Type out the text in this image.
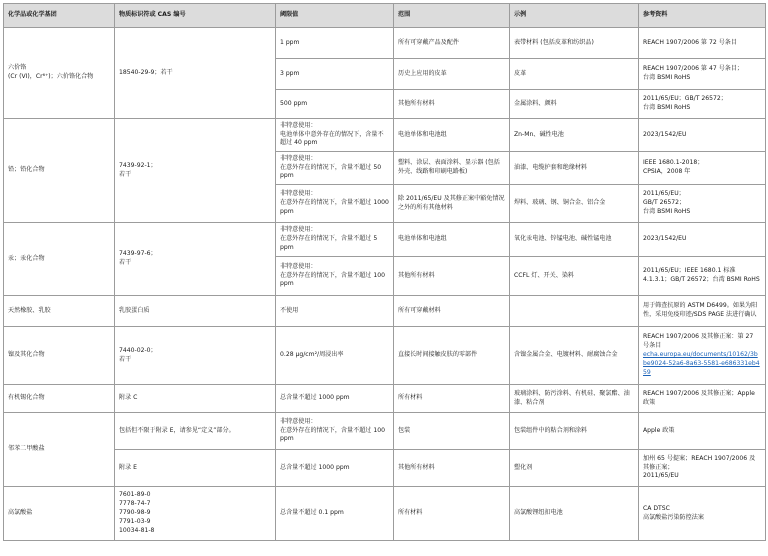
化学品或化学基团	物质标识符或 CAS 编号	阈限值	范围	示例	参考资料
六价铬
(Cr (VI)，Cr⁶⁺)；六价铬化合物	18540-29-9；若干	1 ppm	所有可穿戴产品及配件	表带材料 (包括皮革和纺织品)	REACH 1907/2006 第 72 号条目
		3 ppm	历史上应用的皮革	皮革	REACH 1907/2006 第 47 号条目；
台湾 BSMI RoHS
		500 ppm	其他所有材料	金属涂料、颜料	2011/65/EU；GB/T 26572；
台湾 BSMI RoHS
铅；铅化合物	7439-92-1；
若干	非特意使用：
电池单体中意外存在的情况下，含量不超过 40 ppm	电池单体和电池组	Zn-Mn、碱性电池	2023/1542/EU
		非特意使用：
在意外存在的情况下，含量不超过 50 ppm	塑料、涂层、表面涂料、显示器 (包括外壳、线路和印刷电路板)	油漆、电缆护套和绝缘材料	IEEE 1680.1-2018；
CPSIA，2008 年
		非特意使用：
在意外存在的情况下，含量不超过 1000 ppm	除 2011/65/EU 及其修正案中豁免情况之外的所有其他材料	焊料、玻璃、钢、铜合金、铝合金	2011/65/EU；
GB/T 26572；
台湾 BSMI RoHS
汞；汞化合物	7439-97-6；
若干	非特意使用：
在意外存在的情况下，含量不超过 5 ppm	电池单体和电池组	氧化汞电池、锌锰电池、碱性锰电池	2023/1542/EU
		非特意使用：
在意外存在的情况下，含量不超过 100 ppm	其他所有材料	CCFL 灯、开关、染料	2011/65/EU；IEEE 1680.1 标准 4.1.3.1；GB/T 26572；台湾 BSMI RoHS
天然橡胶、乳胶	乳胶蛋白质	不使用	所有可穿戴材料		用于筛查抗原的 ASTM D6499。如果为阳性，采用免疫印迹/SDS PAGE 法进行确认
镍及其化合物	7440-02-0；
若干	0.28 μg/cm²/周浸出率	直接长时间接触皮肤的零部件	含镍金属合金、电镀材料、耐腐蚀合金	REACH 1907/2006 及其修正案：第 27 号条目
echa.europa.eu/documents/10162/3bbe9024-52a6-8a63-5581-e686331eb459

有机锡化合物	附录 C	总含量不超过 1000 ppm	所有材料	玻璃涂料、防污涂料、有机硅、聚氯酯、油漆、粘合剂	REACH 1907/2006 及其修正案；Apple 政策
邻苯二甲酸盐	包括但不限于附录 E，请参见“定义”部分。	非特意使用：
在意外存在的情况下，含量不超过 100 ppm	包装	包装组件中的粘合剂和涂料	Apple 政策
	附录 E	总含量不超过 1000 ppm	其他所有材料	塑化剂	加州 65 号提案；REACH 1907/2006 及其修正案；
2011/65/EU
高氯酸盐	7601-89-0
7778-74-7
7790-98-9
7791-03-9
10034-81-8	总含量不超过 0.1 ppm	所有材料	高氯酸锂纽扣电池	CA DTSC
高氯酸盐污染防控法案
